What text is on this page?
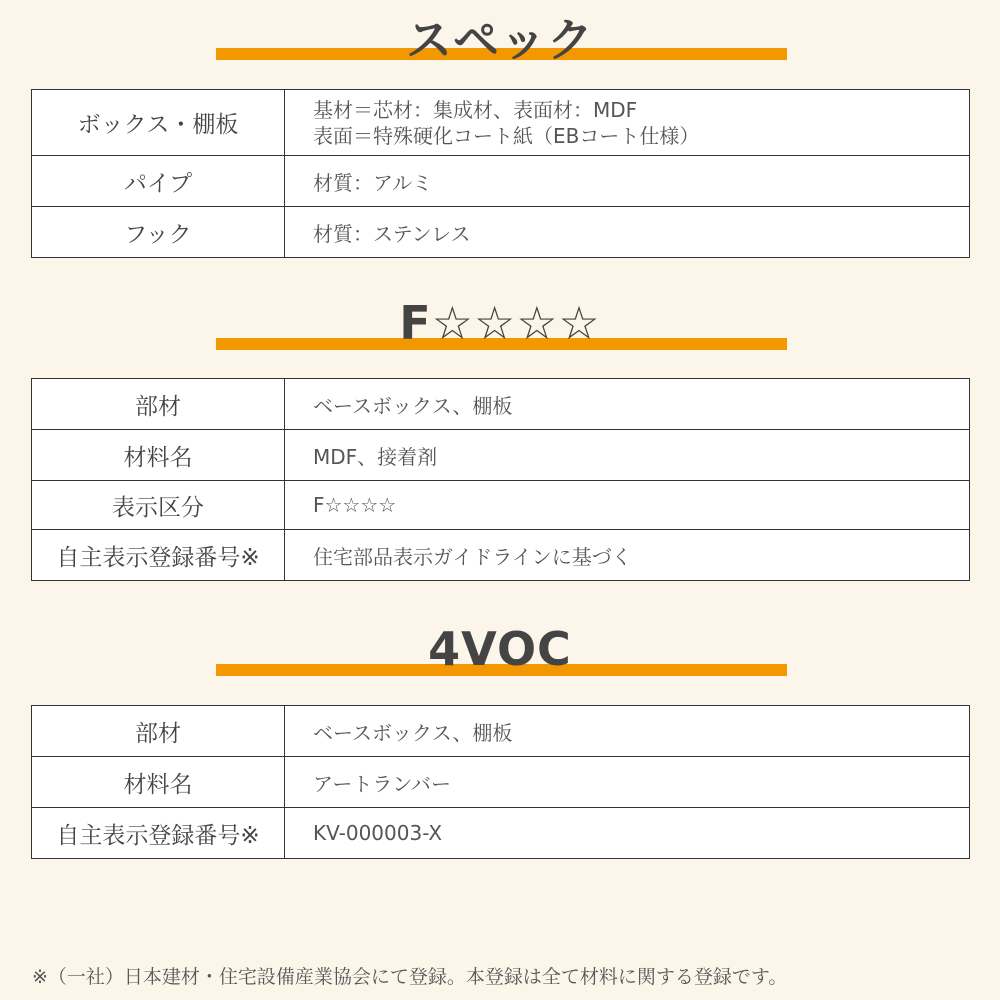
スペック
ボックス・棚板	基材＝芯材：集成材、表面材：MDF
表面＝特殊硬化コート紙（EBコート仕様）

パイプ	材質：アルミ
フック	材質：ステンレス
F☆☆☆☆
部材	ベースボックス、棚板
材料名	MDF、接着剤
表示区分	F☆☆☆☆
自主表示登録番号※	住宅部品表示ガイドラインに基づく
4VOC
部材	ベースボックス、棚板
材料名	アートランバー
自主表示登録番号※	KV-000003-X
※（一社）日本建材・住宅設備産業協会にて登録。本登録は全て材料に関する登録です。
